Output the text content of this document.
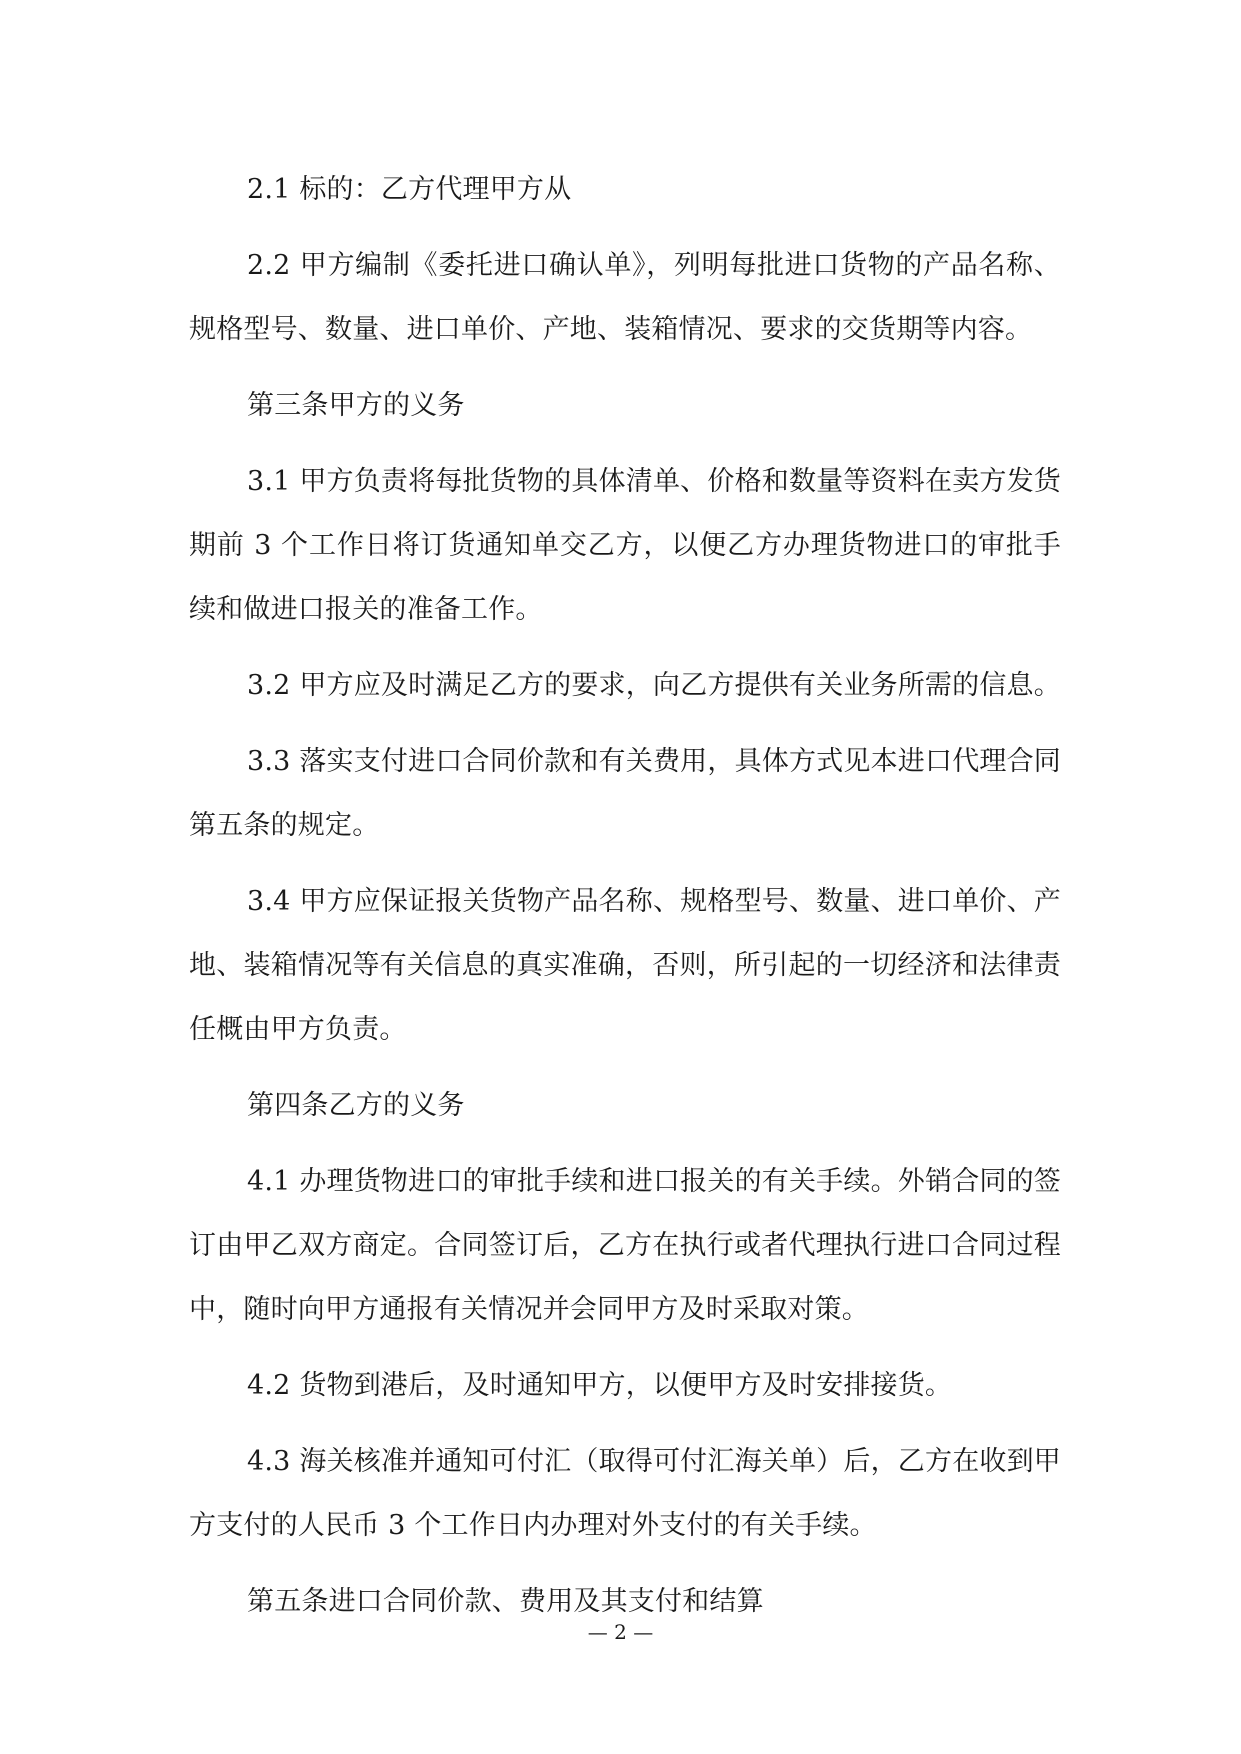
2.1 标的：乙方代理甲方从

2.2 甲方编制《委托进口确认单》，列明每批进口货物的产品名称、规格型号、数量、进口单价、产地、装箱情况、要求的交货期等内容。

第三条甲方的义务

3.1 甲方负责将每批货物的具体清单、价格和数量等资料在卖方发货期前 3 个工作日将订货通知单交乙方，以便乙方办理货物进口的审批手续和做进口报关的准备工作。

3.2 甲方应及时满足乙方的要求，向乙方提供有关业务所需的信息。

3.3 落实支付进口合同价款和有关费用，具体方式见本进口代理合同第五条的规定。

3.4 甲方应保证报关货物产品名称、规格型号、数量、进口单价、产地、装箱情况等有关信息的真实准确，否则，所引起的一切经济和法律责任概由甲方负责。

第四条乙方的义务

4.1 办理货物进口的审批手续和进口报关的有关手续。外销合同的签订由甲乙双方商定。合同签订后，乙方在执行或者代理执行进口合同过程中，随时向甲方通报有关情况并会同甲方及时采取对策。

4.2 货物到港后，及时通知甲方，以便甲方及时安排接货。

4.3 海关核准并通知可付汇（取得可付汇海关单）后，乙方在收到甲方支付的人民币 3 个工作日内办理对外支付的有关手续。

第五条进口合同价款、费用及其支付和结算

— 2 —
